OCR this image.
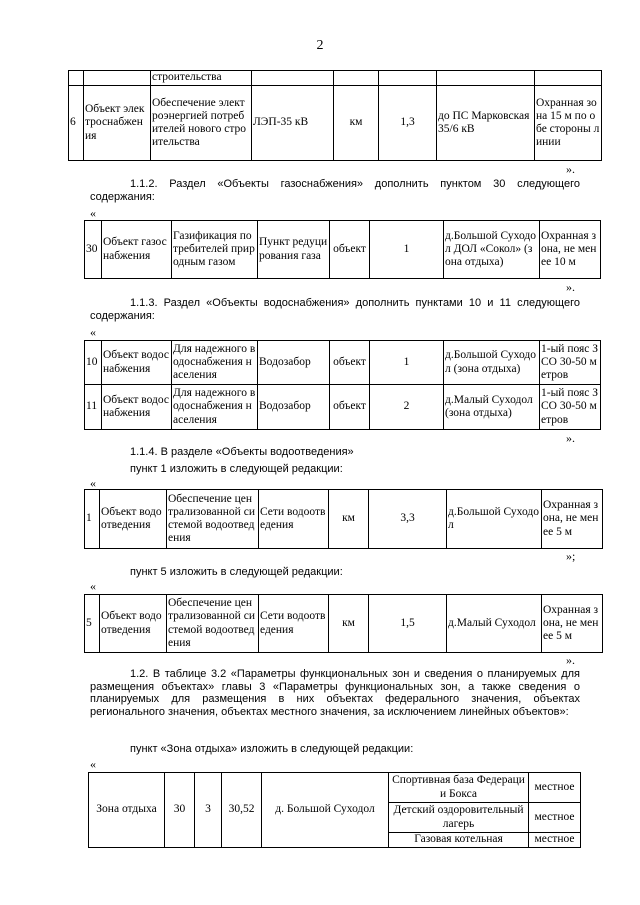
2
		строительства					
6	Объект электроснабжения	Обеспечение электроэнергией потребителей нового строительства	ЛЭП-35 кВ	км	1,3	до ПС Марковская 35/6 кВ	Охранная зона 15 м по обе стороны линии
».
1.1.2. Раздел «Объекты газоснабжения» дополнить пунктом 30 следующего содержания:
«
30	Объект газоснабжения	Газификация потребителей природным газом	Пункт редуцирования газа	объект	1	д.Большой Суходол ДОЛ «Сокол» (зона отдыха)	Охранная зона, не менее 10 м
».
1.1.3. Раздел «Объекты водоснабжения» дополнить пунктами 10 и 11 следующего содержания:
«
10	Объект водоснабжения	Для надежного водоснабжения населения	Водозабор	объект	1	д.Большой Суходол (зона отдыха)	1-ый пояс ЗСО 30-50 метров
11	Объект водоснабжения	Для надежного водоснабжения населения	Водозабор	объект	2	д.Малый Суходол (зона отдыха)	1-ый пояс ЗСО 30-50 метров
».
1.1.4. В разделе «Объекты водоотведения»
пункт 1 изложить в следующей редакции:
«
1	Объект водоотведения	Обеспечение централизованной системой водоотведения	Сети водоотведения	км	3,3	д.Большой Суходол	Охранная зона, не менее 5 м
»;
пункт 5 изложить в следующей редакции:
«
5	Объект водоотведения	Обеспечение централизованной системой водоотведения	Сети водоотведения	км	1,5	д.Малый Суходол	Охранная зона, не менее 5 м
».
1.2. В таблице 3.2 «Параметры функциональных зон и сведения о планируемых для размещения объектах» главы 3 «Параметры функциональных зон, а также сведения о планируемых для размещения в них объектах федерального значения, объектах регионального значения, объектах местного значения, за исключением линейных объектов»:
пункт «Зона отдыха» изложить в следующей редакции:
«
Зона отдыха	30	3	30,52	д. Большой Суходол	Спортивная база Федерации Бокса	местное
					Детский оздоровительный лагерь	местное
					Газовая котельная	местное
